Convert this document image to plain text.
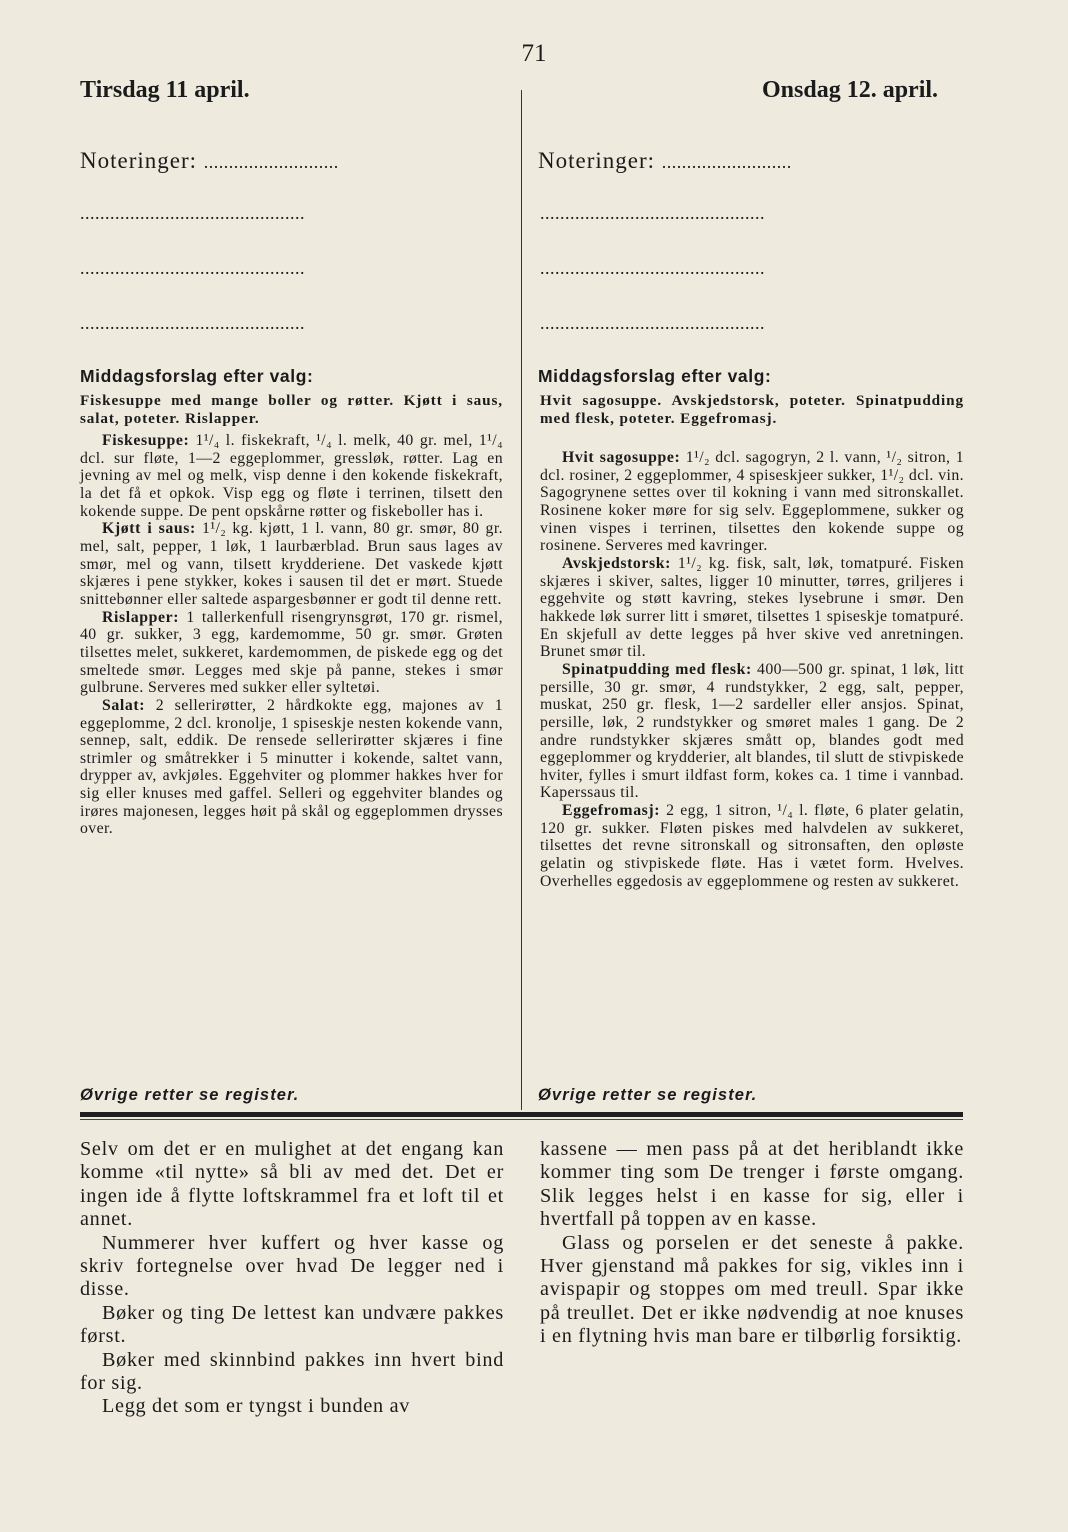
71
Tirsdag 11 april.
Noteringer: ...........................
.............................................
.............................................
.............................................
Middagsforslag efter valg:
Fiskesuppe med mange boller og røtter. Kjøtt i saus, salat, poteter. Rislapper.

Fiskesuppe: 1¹/₄ l. fiskekraft, ¹/₄ l. melk, 40 gr. mel, 1¹/₄ dcl. sur fløte, 1—2 eggeplommer, gressløk, røtter. Lag en jevning av mel og melk, visp denne i den kokende fiskekraft, la det få et opkok. Visp egg og fløte i terrinen, tilsett den kokende suppe. De pent opskårne røtter og fiskeboller has i.

Kjøtt i saus: 1¹/₂ kg. kjøtt, 1 l. vann, 80 gr. smør, 80 gr. mel, salt, pepper, 1 løk, 1 laurbærblad. Brun saus lages av smør, mel og vann, tilsett krydderiene. Det vaskede kjøtt skjæres i pene stykker, kokes i sausen til det er mørt. Stuede snittebønner eller saltede aspargesbønner er godt til denne rett.

Rislapper: 1 tallerkenfull risengrynsgrøt, 170 gr. rismel, 40 gr. sukker, 3 egg, kardemomme, 50 gr. smør. Grøten tilsettes melet, sukkeret, kardemommen, de piskede egg og det smeltede smør. Legges med skje på panne, stekes i smør gulbrune. Serveres med sukker eller syltetøi.

Salat: 2 sellerirøtter, 2 hårdkokte egg, majones av 1 eggeplomme, 2 dcl. kronolje, 1 spiseskje nesten kokende vann, sennep, salt, eddik. De rensede sellerirøtter skjæres i fine strimler og småtrekker i 5 minutter i kokende, saltet vann, drypper av, avkjøles. Eggehviter og plommer hakkes hver for sig eller knuses med gaffel. Selleri og eggehviter blandes og irøres majonesen, legges høit på skål og eggeplommen drysses over.

Øvrige retter se register.
Onsdag 12. april.
Noteringer: ..........................
.............................................
.............................................
.............................................
Middagsforslag efter valg:
Hvit sagosuppe. Avskjedstorsk, poteter. Spinatpudding med flesk, poteter. Eggefromasj.

Hvit sagosuppe: 1¹/₂ dcl. sagogryn, 2 l. vann, ¹/₂ sitron, 1 dcl. rosiner, 2 eggeplommer, 4 spiseskjeer sukker, 1¹/₂ dcl. vin. Sagogrynene settes over til kokning i vann med sitronskallet. Rosinene koker møre for sig selv. Eggeplommene, sukker og vinen vispes i terrinen, tilsettes den kokende suppe og rosinene. Serveres med kavringer.

Avskjedstorsk: 1¹/₂ kg. fisk, salt, løk, tomatpuré. Fisken skjæres i skiver, saltes, ligger 10 minutter, tørres, griljeres i eggehvite og støtt kavring, stekes lysebrune i smør. Den hakkede løk surrer litt i smøret, tilsettes 1 spiseskje tomatpuré. En skjefull av dette legges på hver skive ved anretningen. Brunet smør til.

Spinatpudding med flesk: 400—500 gr. spinat, 1 løk, litt persille, 30 gr. smør, 4 rundstykker, 2 egg, salt, pepper, muskat, 250 gr. flesk, 1—2 sardeller eller ansjos. Spinat, persille, løk, 2 rundstykker og smøret males 1 gang. De 2 andre rundstykker skjæres smått op, blandes godt med eggeplommer og krydderier, alt blandes, til slutt de stivpiskede hviter, fylles i smurt ildfast form, kokes ca. 1 time i vannbad. Kaperssaus til.

Eggefromasj: 2 egg, 1 sitron, ¹/₄ l. fløte, 6 plater gelatin, 120 gr. sukker. Fløten piskes med halvdelen av sukkeret, tilsettes det revne sitronskall og sitronsaften, den opløste gelatin og stivpiskede fløte. Has i vætet form. Hvelves. Overhelles eggedosis av eggeplommene og resten av sukkeret.

Øvrige retter se register.

Selv om det er en mulighet at det engang kan komme «til nytte» så bli av med det. Det er ingen ide å flytte loftskrammel fra et loft til et annet.

Nummerer hver kuffert og hver kasse og skriv fortegnelse over hvad De legger ned i disse.

Bøker og ting De lettest kan undvære pakkes først.

Bøker med skinnbind pakkes inn hvert bind for sig.

Legg det som er tyngst i bunden av

kassene — men pass på at det heriblandt ikke kommer ting som De trenger i første omgang. Slik legges helst i en kasse for sig, eller i hvertfall på toppen av en kasse.

Glass og porselen er det seneste å pakke. Hver gjenstand må pakkes for sig, vikles inn i avispapir og stoppes om med treull. Spar ikke på treullet. Det er ikke nødvendig at noe knuses i en flytning hvis man bare er tilbørlig forsiktig.
